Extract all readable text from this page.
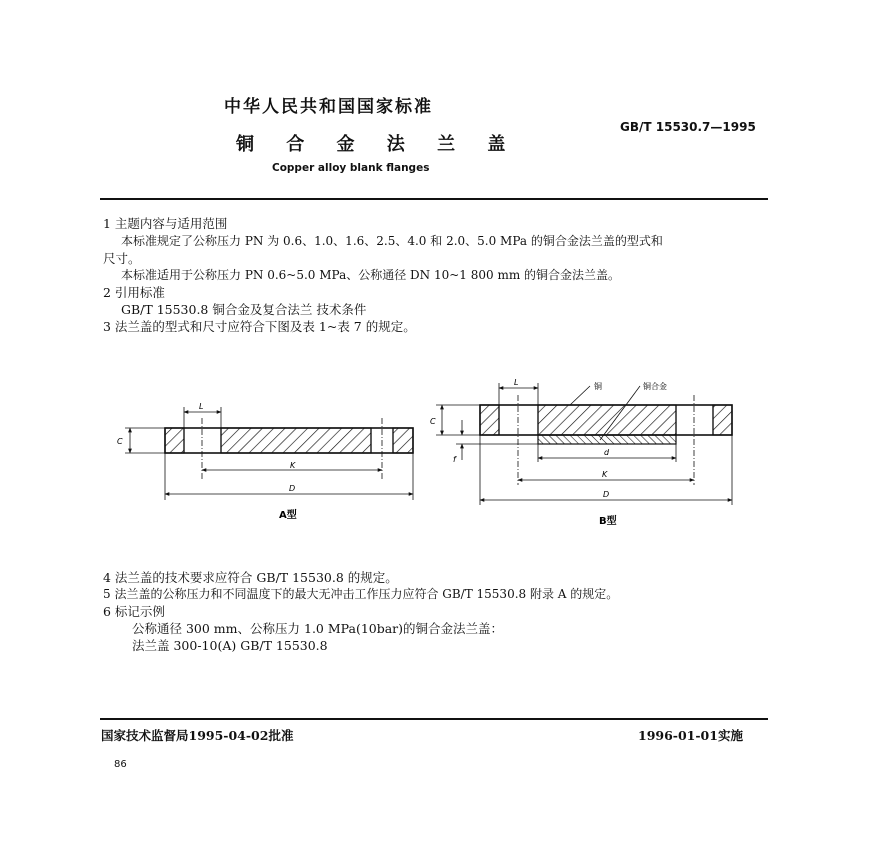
中华人民共和国国家标准
铜 合 金 法 兰 盖
GB/T 15530.7—1995
Copper alloy blank flanges
1 主题内容与适用范围
本标准规定了公称压力 PN 为 0.6、1.0、1.6、2.5、4.0 和 2.0、5.0 MPa 的铜合金法兰盖的型式和
尺寸。
本标准适用于公称压力 PN 0.6~5.0 MPa、公称通径 DN 10~1 800 mm 的铜合金法兰盖。
2 引用标准
GB/T 15530.8 铜合金及复合法兰 技术条件
3 法兰盖的型式和尺寸应符合下图及表 1~表 7 的规定。
L
C
K
D
A型
L	铜	铜合金
C
f
d
K
D
B型
4 法兰盖的技术要求应符合 GB/T 15530.8 的规定。
5 法兰盖的公称压力和不同温度下的最大无冲击工作压力应符合 GB/T 15530.8 附录 A 的规定。
6 标记示例
公称通径 300 mm、公称压力 1.0 MPa(10bar)的铜合金法兰盖：
法兰盖 300-10(A) GB/T 15530.8
国家技术监督局1995-04-02批准	1996-01-01实施
86
